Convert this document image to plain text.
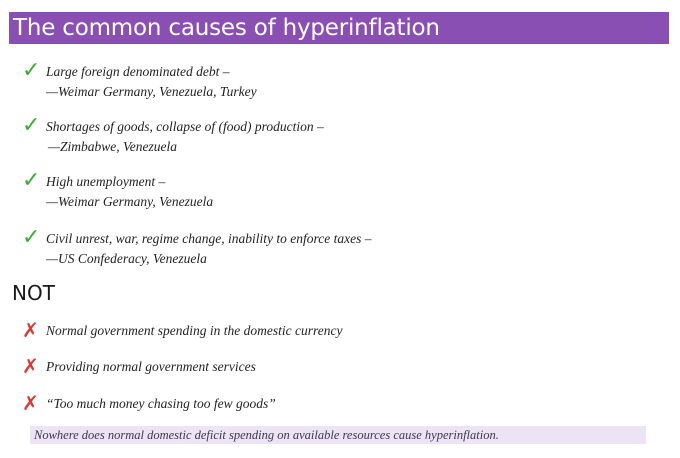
The common causes of hyperinflation
✓ Large foreign denominated debt –
—Weimar Germany, Venezuela, Turkey
✓ Shortages of goods, collapse of (food) production –
—Zimbabwe, Venezuela
✓ High unemployment –
—Weimar Germany, Venezuela
✓ Civil unrest, war, regime change, inability to enforce taxes –
—US Confederacy, Venezuela
NOT
✗ Normal government spending in the domestic currency
✗ Providing normal government services
✗ “Too much money chasing too few goods”
Nowhere does normal domestic deficit spending on available resources cause hyperinflation.
